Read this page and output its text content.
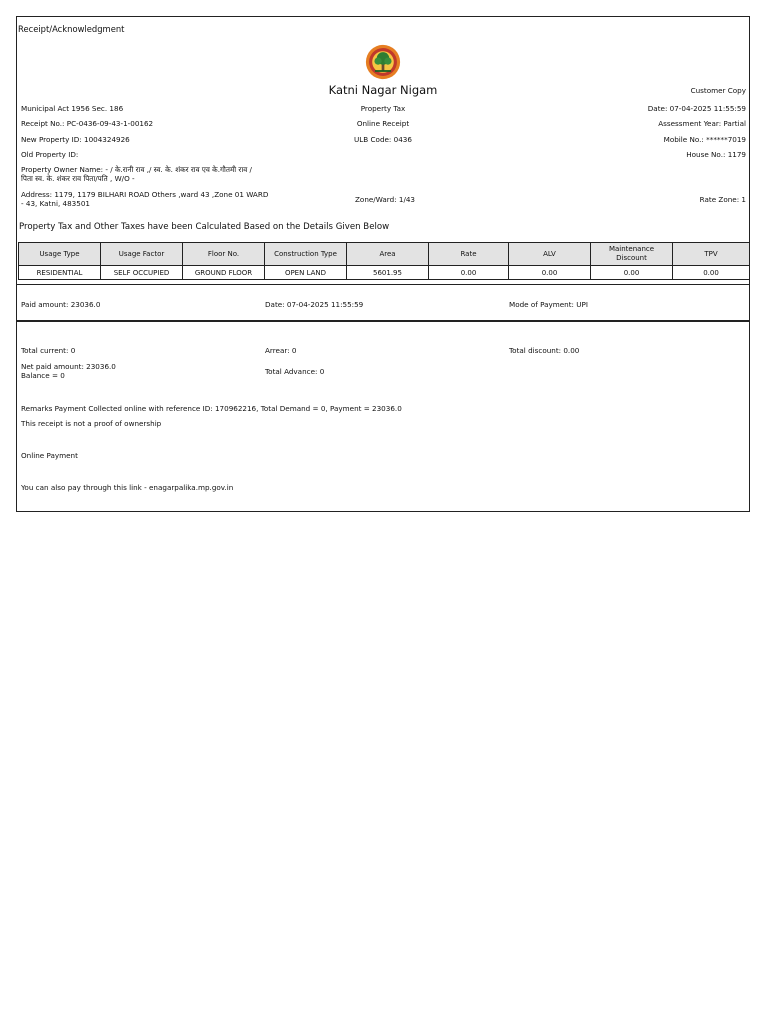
Receipt/Acknowledgment
Katni Nagar Nigam	Customer Copy
Municipal Act 1956 Sec. 186	Property Tax	Date: 07-04-2025 11:55:59
Receipt No.: PC-0436-09-43-1-00162	Online Receipt	Assessment Year: Partial
New Property ID: 1004324926	ULB Code: 0436	Mobile No.: ******7019
Old Property ID:	House No.: 1179
Property Owner Name: - / के.रानी राव ,/ स्व. के. शंकर राव एव के.गौतमी राव /
पिता स्व. के. शंकर राव पिता/पति , W/O -
Address: 1179, 1179 BILHARI ROAD Others ,ward 43 ,Zone 01 WARD
- 43, Katni, 483501	Zone/Ward: 1/43	Rate Zone: 1
Property Tax and Other Taxes have been Calculated Based on the Details Given Below
Usage Type	Usage Factor	Floor No.	Construction Type	Area	Rate	ALV	Maintenance Discount	TPV
RESIDENTIAL	SELF OCCUPIED	GROUND FLOOR	OPEN LAND	5601.95	0.00	0.00	0.00	0.00
Paid amount: 23036.0	Date: 07-04-2025 11:55:59	Mode of Payment: UPI
Total current: 0	Arrear: 0	Total discount: 0.00
Net paid amount: 23036.0
Balance = 0	Total Advance: 0
Remarks Payment Collected online with reference ID: 170962216, Total Demand = 0, Payment = 23036.0
This receipt is not a proof of ownership
Online Payment
You can also pay through this link - enagarpalika.mp.gov.in
